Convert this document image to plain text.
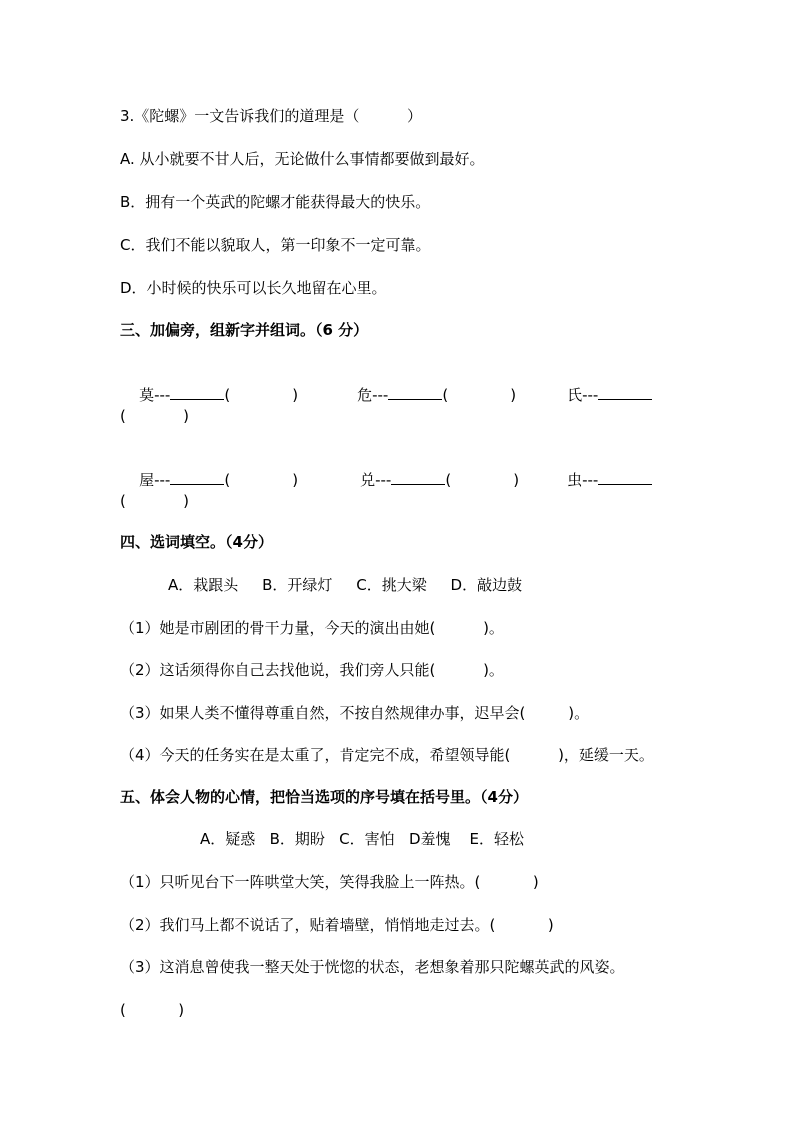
3.《陀螺》一文告诉我们的道理是（          ）
A. 从小就要不甘人后，无论做什么事情都要做到最好。
B．拥有一个英武的陀螺才能获得最大的快乐。
C．我们不能以貌取人，第一印象不一定可靠。
D．小时候的快乐可以长久地留在心里。
三、加偏旁，组新字并组词。（6 分）

莫---	(	)
	危---	(	)
	氏---

(            )

屋---	(	)
	兑---	(	)
	虫---

(            )
四、选词填空。（4分）
A．栽跟头     B．开绿灯     C．挑大梁     D．敲边鼓
（1）她是市剧团的骨干力量，今天的演出由她(          )。
（2）这话须得你自己去找他说，我们旁人只能(          )。
（3）如果人类不懂得尊重自然，不按自然规律办事，迟早会(         )。
（4）今天的任务实在是太重了，肯定完不成，希望领导能(          )，延缓一天。
五、体会人物的心情，把恰当选项的序号填在括号里。（4分）
A．疑惑   B．期盼   C．害怕   D羞愧    E．轻松
（1）只听见台下一阵哄堂大笑，笑得我脸上一阵热。(           )
（2）我们马上都不说话了，贴着墙壁，悄悄地走过去。(           )
（3）这消息曾使我一整天处于恍惚的状态，老想象着那只陀螺英武的风姿。
(           )
